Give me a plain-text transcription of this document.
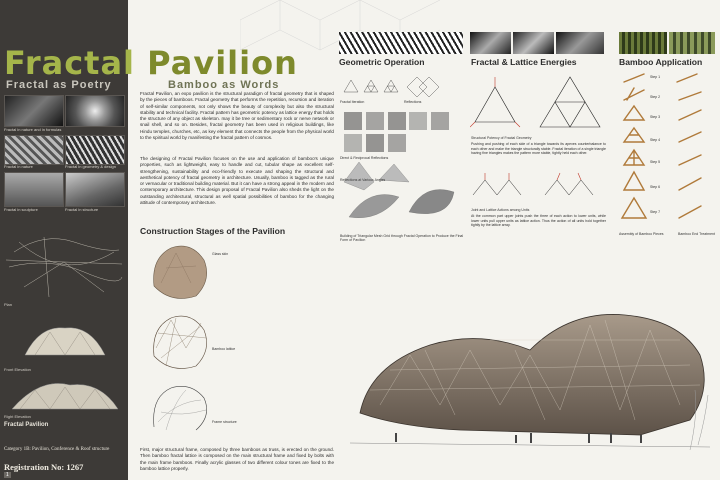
Fractal Pavilion
Fractal as Poetry	Bamboo as Words
Fractal in nature and in formulas
Fractal in nature	Fractal in geometry & design
Fractal in sculpture	Fractal in structure
Plan
Front Elevation
Right Elevation
Fractal Pavilion
Category 1B: Pavilion, Conference & Roof structure
Registration No: 1267
1
Fractal Pavilion, an expo pavilion is the structural paradigm of fractal geometry that is shaped by the pieces of bamboos. Fractal geometry that performs the repetition, recursion and iteration of self-similar components, not only shows the beauty of complexity but also the structural stability and technical facility. Fractal pattern has geometric potency as lattice energy that holds the structure of any object as skeleton. may it be tree or sedimentary rock or nerve network or snail shell, and so on. Besides, fractal geometry has been used in religious buildings, like Hindu temples, churches, etc, as key element that connects the people from the physical world to the spiritual world by manifesting the fractal pattern of cosmos.
The designing of Fractal Pavilion focuses on the use and application of bamboo's unique properties, such as lightweight, easy to handle and cut, tubular shape as excellent self-strengthening, sustainability and eco-friendly to execute and shaping the structural and aesthetical potency of fractal geometry in architecture. Usually, bamboo is tagged as the rural or vernacular or traditional building material. But it can have a strong appeal in the modern and contemporary architecture. This design proposal of Fractal Pavilion also sheds the light on the outstanding architectural, structural as well spatial possibilities of bamboo for the changing attitude of contemporary architecture.
Construction Stages of the Pavilion
Glass skin
Bamboo lattice
Frame structure
First, major structural frame, composed by three bamboos as truss, is erected on the ground. Then bamboo fractal lattice is composed on the main structural frame and fixed by bolts with the main frame bamboos. Finally acrylic glasses of two different colour tones are fixed to the bamboo lattice properly.
Geometric Operation
Fractal Iteration	Reflections
Direct & Reciprocal Reflections
Reflections at Various Angles
Building of Triangular Mesh Grid through Fractal Operation to Produce the Final Form of Pavilion
Fractal & Lattice Energies
Structural Potency of Fractal Geometry
Pushing and pushing of each side of a triangle towards its apexes counterbalance to each other and make the triangle structurally stable. Fractal iteration of a single triangle having fine triangles makes the pattern more stable, tightly held each other.
Joint and Lattice Actions among Units
At the common part upper joints push the three of each action to lower units, while lower units pull upper units as lattice action. Thus the action of all units hold together tightly by the lattice array.
Bamboo Application
Step 1
Step 2
Step 3
Step 4
Step 5
Step 6
Step 7
Assembly of Bamboo Pieces	Bamboo End Treatment
